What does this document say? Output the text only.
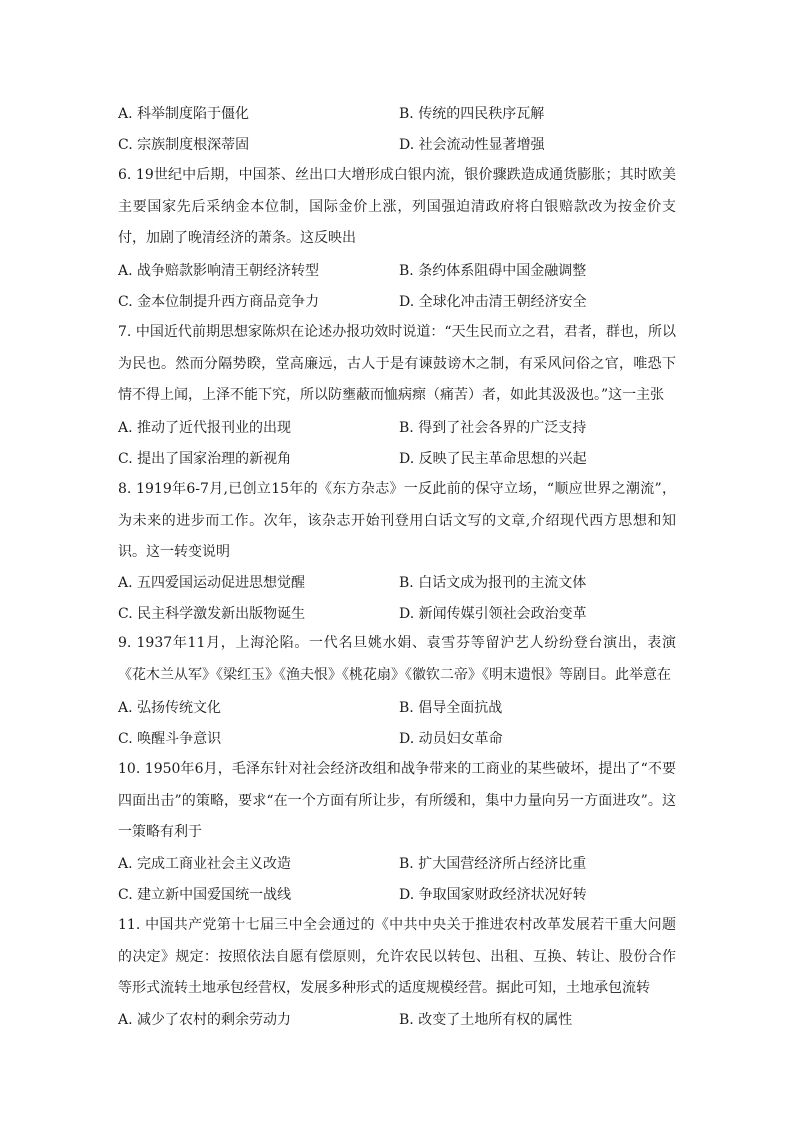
A. 科举制度陷于僵化	B. 传统的四民秩序瓦解
C. 宗族制度根深蒂固	D. 社会流动性显著增强
6. 19世纪中后期，中国茶、丝出口大增形成白银内流，银价骤跌造成通货膨胀；其时欧美主要国家先后采纳金本位制，国际金价上涨，列国强迫清政府将白银赔款改为按金价支付，加剧了晚清经济的萧条。这反映出
A. 战争赔款影响清王朝经济转型	B. 条约体系阻碍中国金融调整
C. 金本位制提升西方商品竞争力	D. 全球化冲击清王朝经济安全
7. 中国近代前期思想家陈炽在论述办报功效时说道：“天生民而立之君，君者，群也，所以为民也。然而分隔势睽，堂高廉远，古人于是有谏鼓谤木之制，有采风问俗之官，唯恐下情不得上闻，上泽不能下究，所以防壅蔽而恤病瘝（痛苦）者，如此其汲汲也。”这一主张
A. 推动了近代报刊业的出现	B. 得到了社会各界的广泛支持
C. 提出了国家治理的新视角	D. 反映了民主革命思想的兴起
8. 1919年6-7月,已创立15年的《东方杂志》一反此前的保守立场，“顺应世界之潮流”，为未来的进步而工作。次年，该杂志开始刊登用白话文写的文章,介绍现代西方思想和知识。这一转变说明
A. 五四爱国运动促进思想觉醒	B. 白话文成为报刊的主流文体
C. 民主科学激发新出版物诞生	D. 新闻传媒引领社会政治变革
9. 1937年11月，上海沦陷。一代名旦姚水娟、袁雪芬等留沪艺人纷纷登台演出，表演《花木兰从军》《梁红玉》《渔夫恨》《桃花扇》《徽钦二帝》《明末遗恨》等剧目。此举意在
A. 弘扬传统文化	B. 倡导全面抗战
C. 唤醒斗争意识	D. 动员妇女革命
10. 1950年6月，毛泽东针对社会经济改组和战争带来的工商业的某些破坏，提出了“不要四面出击”的策略，要求“在一个方面有所让步，有所缓和，集中力量向另一方面进攻”。这一策略有利于
A. 完成工商业社会主义改造	B. 扩大国营经济所占经济比重
C. 建立新中国爱国统一战线	D. 争取国家财政经济状况好转
11. 中国共产党第十七届三中全会通过的《中共中央关于推进农村改革发展若干重大问题的决定》规定：按照依法自愿有偿原则，允许农民以转包、出租、互换、转让、股份合作等形式流转土地承包经营权，发展多种形式的适度规模经营。据此可知，土地承包流转
A. 减少了农村的剩余劳动力	B. 改变了土地所有权的属性
